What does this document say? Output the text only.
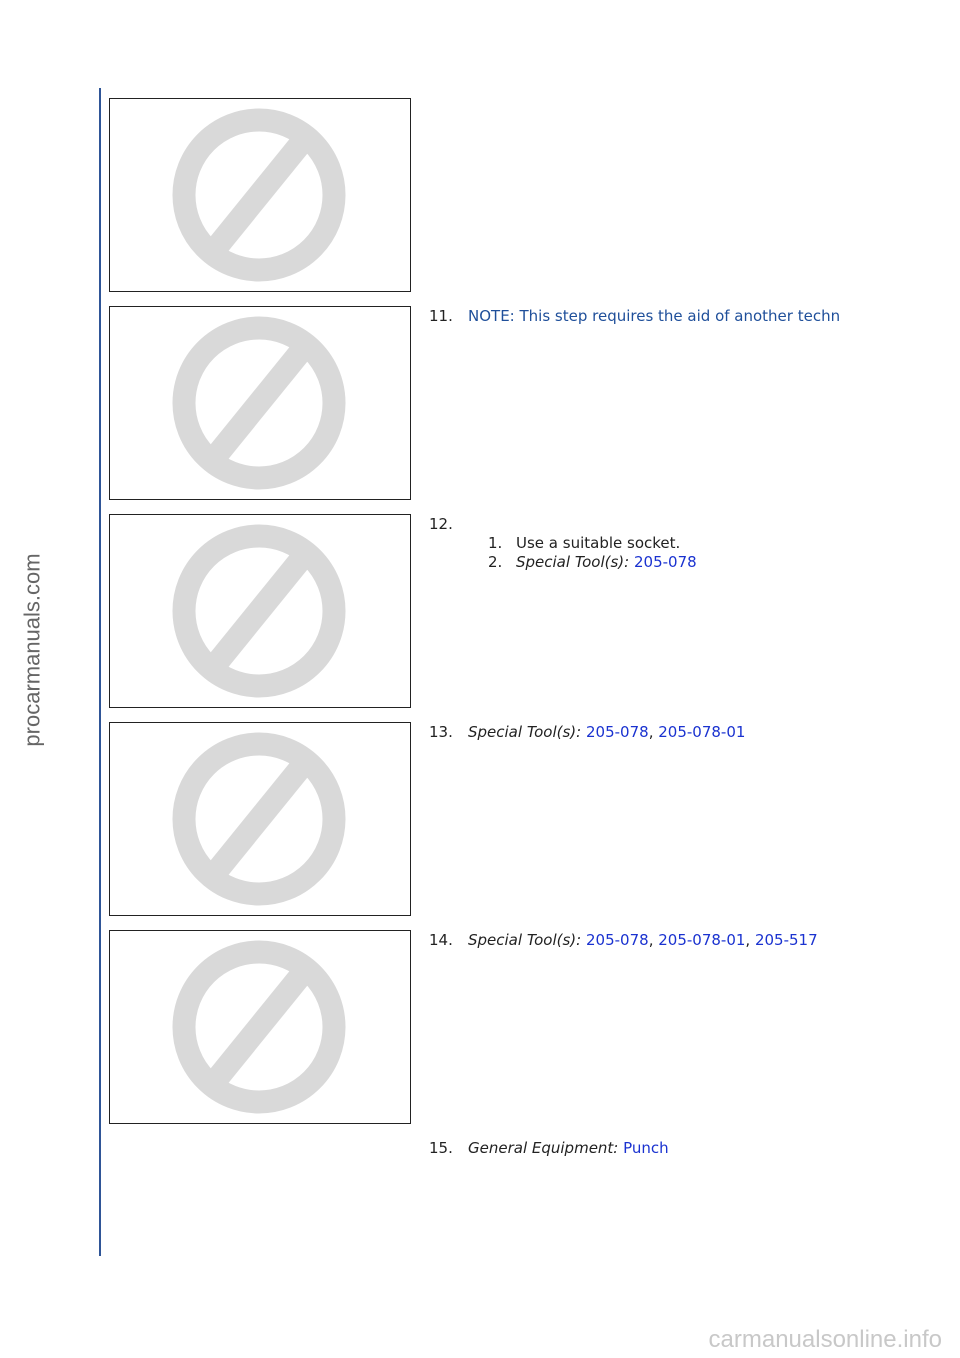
procarmanuals.com
11. NOTE: This step requires the aid of another techn
12.
1. Use a suitable socket.
2. Special Tool(s): 205-078
13. Special Tool(s): 205-078, 205-078-01
14. Special Tool(s): 205-078, 205-078-01, 205-517
15. General Equipment: Punch
carmanualsonline.info
